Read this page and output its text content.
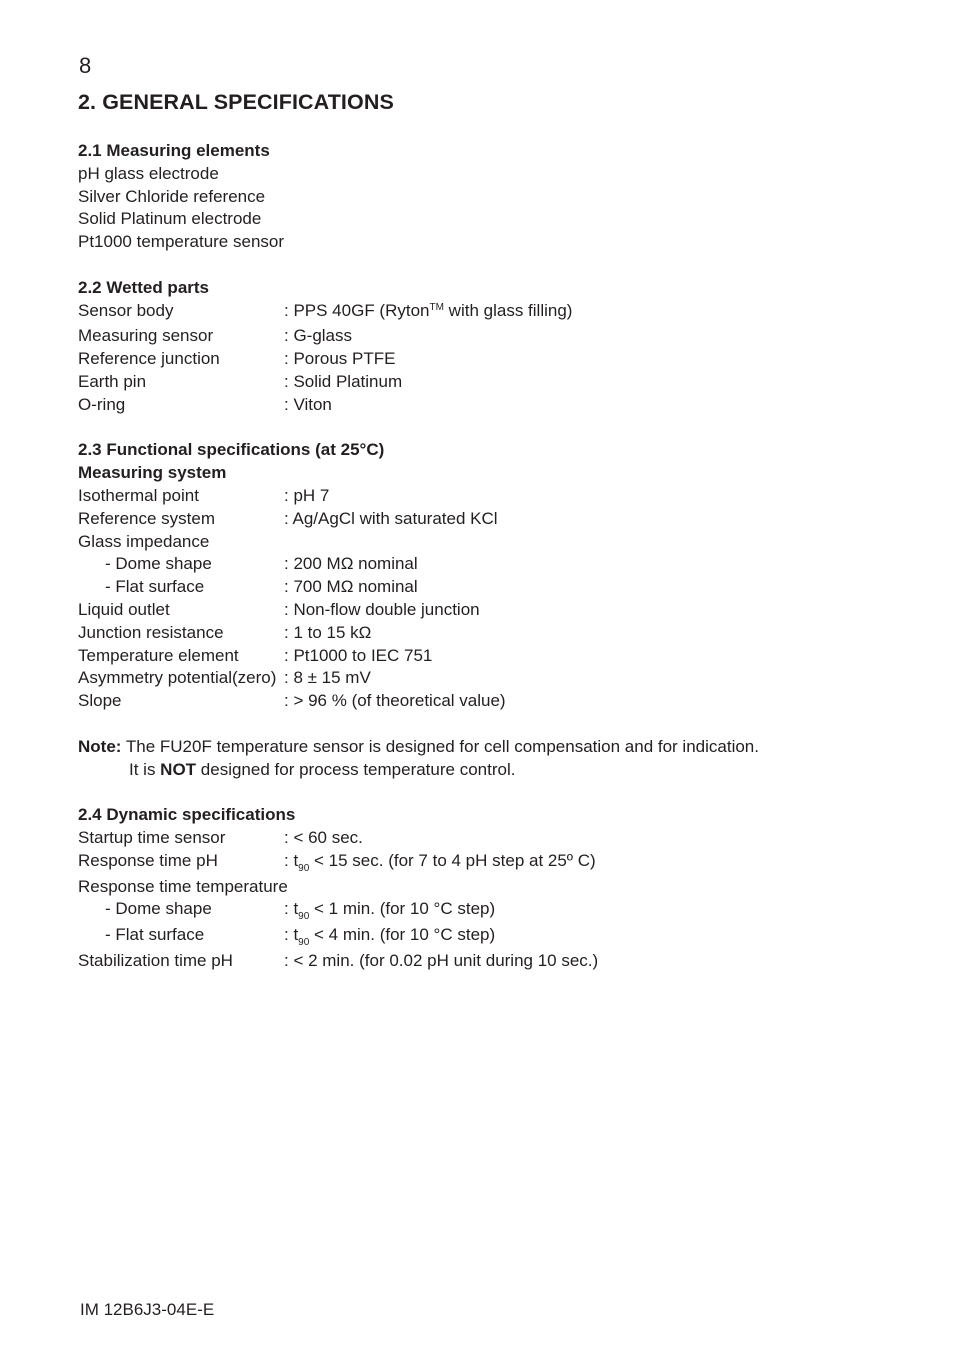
8
2. GENERAL SPECIFICATIONS
2.1 Measuring elements
pH glass electrode
Silver Chloride reference
Solid Platinum electrode
Pt1000 temperature sensor
2.2 Wetted parts
Sensor body	: PPS 40GF (Ryton™ with glass filling)
Measuring sensor	: G-glass
Reference junction	: Porous PTFE
Earth pin	: Solid Platinum
O-ring	: Viton
2.3 Functional specifications (at 25°C)
Measuring system
Isothermal point	: pH 7
Reference system	: Ag/AgCl with saturated KCl
Glass impedance
- Dome shape	: 200 MΩ nominal
- Flat surface	: 700 MΩ nominal
Liquid outlet	: Non-flow double junction
Junction resistance	: 1 to 15 kΩ
Temperature element	: Pt1000 to IEC 751
Asymmetry potential(zero) : 8 ± 15 mV
Slope	: > 96 % (of theoretical value)
Note: The FU20F temperature sensor is designed for cell compensation and for indication.
It is NOT designed for process temperature control.
2.4 Dynamic specifications
Startup time sensor	: < 60 sec.
Response time pH	: $t_{90} < 15$ sec. (for 7 to 4 pH step at 25º C)
Response time temperature
- Dome shape	: $t_{90} < 1$ min. (for 10 °C step)
- Flat surface	: $t_{90} < 4$ min. (for 10 °C step)
Stabilization time pH	: < 2 min. (for 0.02 pH unit during 10 sec.)
IM 12B6J3-04E-E
